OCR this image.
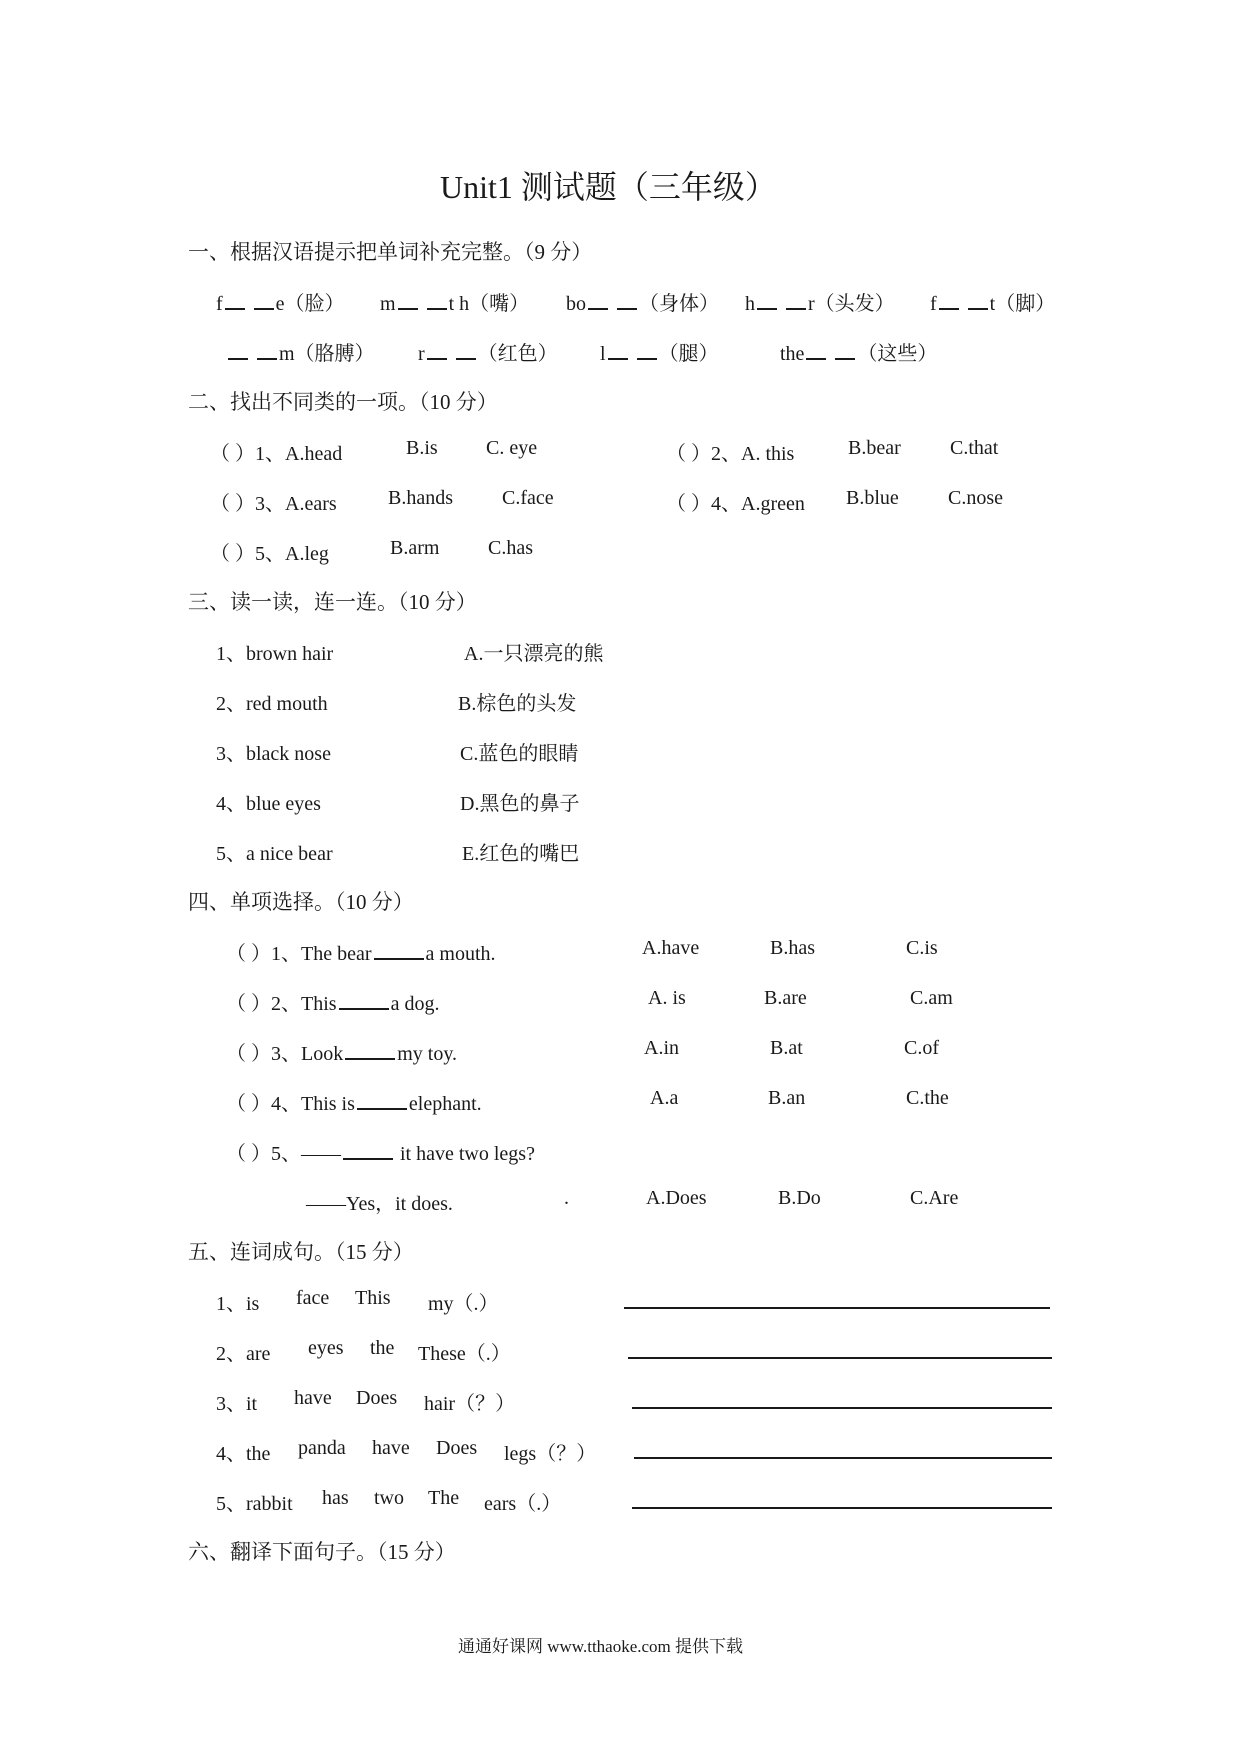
Unit1 测试题（三年级）
一、根据汉语提示把单词补充完整。（9 分）
f	e（脸） m	t h（嘴） bo	（身体） h	r（头发） f	t（脚）
m（胳膊） r	（红色） l	（腿）	the	（这些）
二、找出不同类的一项。（10 分）
（ ）1、A.head	B.is C. eye	（ ）2、A. this	B.bear C.that
（ ）3、A.ears	B.hands C.face	（ ）4、A.green B.blue C.nose
（ ）5、A.leg	B.arm C.has
三、读一读，连一连。（10 分）
1、brown hair	A.一只漂亮的熊
2、red mouth	B.棕色的头发
3、black nose	C.蓝色的眼睛
4、blue eyes	D.黑色的鼻子
5、a nice bear	E.红色的嘴巴
四、单项选择。（10 分）
（ ）1、The bear	a mouth.	A.have	B.has	C.is
（ ）2、This	a dog.	A. is	B.are	C.am
（ ）3、Look	my toy.	A.in	B.at	C.of
（ ）4、This is	elephant.	A.a	B.an	C.the
（ ）5、——	it have two legs?
——Yes，it does.	.	A.Does	B.Do	C.Are
五、连词成句。（15 分）
1、is face This my（.）
2、are eyes the These（.）
3、it have Does hair（？）
4、the panda have Does legs（？）
5、rabbit has two The ears（.）
六、翻译下面句子。（15 分）
通通好课网 www.tthaoke.com 提供下载
